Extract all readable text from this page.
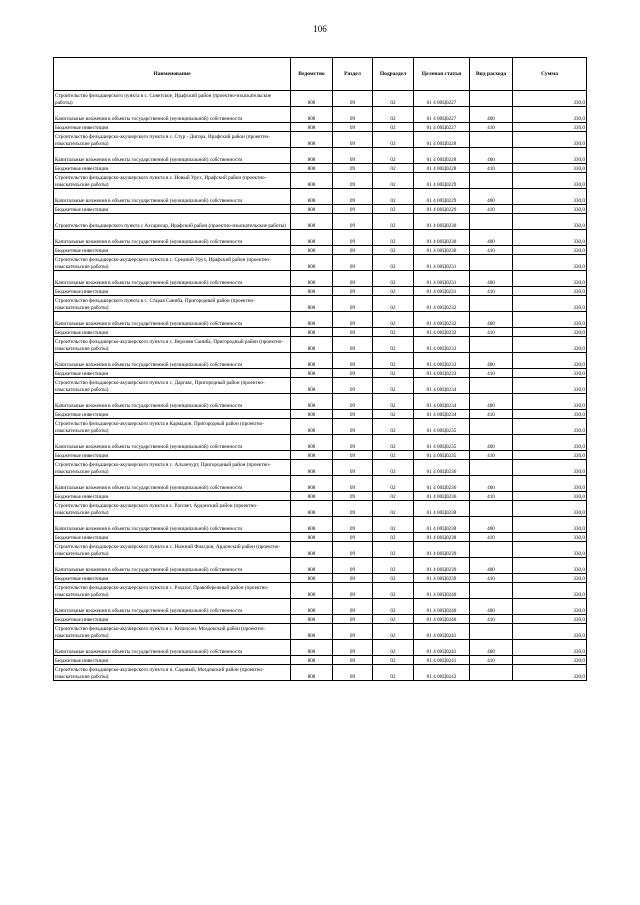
106
Наименование	Ведомство	Раздел	Подраздел	Целевая статья	Вид расхода	Сумма
Строительство фельдшерского пункта в с. Советское, Ирафский район (проектно-изыскательские работы)	808	09	02	01 4 00Ц0227		330,0
Капитальные вложения в объекты государственной (муниципальной) собственности	808	09	02	01 4 00Ц0227	400	330,0
Бюджетные инвестиции	808	09	02	01 4 00Ц0227	410	330,0
Строительство фельдшерско-акушерского пункта в с. Стур - Дигора, Ирафский район (проектно-изыскательские работы)	808	09	02	01 4 00Ц0228		330,0
Капитальные вложения в объекты государственной (муниципальной) собственности	808	09	02	01 4 00Ц0228	400	330,0
Бюджетные инвестиции	808	09	02	01 4 00Ц0228	410	330,0
Строительство фельдшерско-акушерского пункта в с. Новый Урух, Ирафский район (проектно-изыскательские работы)	808	09	02	01 4 00Ц0229		330,0
Капитальные вложения в объекты государственной (муниципальной) собственности	808	09	02	01 4 00Ц0229	400	330,0
Бюджетные инвестиции	808	09	02	01 4 00Ц0229	410	330,0
Строительство фельдшерского пункта с Ахсарисар, Ирафский район (проектно-изыскательские работы)	808	09	02	01 4 00Ц0230		330,0
Капитальные вложения в объекты государственной (муниципальной) собственности	808	09	02	01 4 00Ц0230	400	330,0
Бюджетные инвестиции	808	09	02	01 4 00Ц0230	410	330,0
Строительство фельдшерско-акушерского пункта в с. Средний Урух, Ирафский район (проектно-изыскательские работы)	808	09	02	01 4 00Ц0231		330,0
Капитальные вложения в объекты государственной (муниципальной) собственности	808	09	02	01 4 00Ц0231	400	330,0
Бюджетные инвестиции	808	09	02	01 4 00Ц0231	410	330,0
Строительство фельдшерского пункта в с. Старая Саниба, Пригородный район (проектно-изыскательские работы)	808	09	02	01 4 00Ц0232		330,0
Капитальные вложения в объекты государственной (муниципальной) собственности	808	09	02	01 4 00Ц0232	400	330,0
Бюджетные инвестиции	808	09	02	01 4 00Ц0232	410	330,0
Строительство фельдшерско-акушерского пункта в с. Верхняя Саниба, Пригородный район (проектно-изыскательские работы)	808	09	02	01 4 00Ц0233		330,0
Капитальные вложения в объекты государственной (муниципальной) собственности	808	09	02	01 4 00Ц0233	400	330,0
Бюджетные инвестиции	808	09	02	01 4 00Ц0233	410	330,0
Строительство фельдшерско-акушерского пункта в с. Даргавс, Пригородный район (проектно-изыскательские работы)	808	09	02	01 4 00Ц0234		330,0
Капитальные вложения в объекты государственной (муниципальной) собственности	808	09	02	01 4 00Ц0234	400	330,0
Бюджетные инвестиции	808	09	02	01 4 00Ц0234	410	330,0
Строительство фельдшерско-акушерского пункта в Кармадон, Пригородный район (проектно-изыскательские работы)	808	09	02	01 4 00Ц0235		330,0
Капитальные вложения в объекты государственной (муниципальной) собственности	808	09	02	01 4 00Ц0235	400	330,0
Бюджетные инвестиции	808	09	02	01 4 00Ц0235	410	330,0
Строительство фельдшерско-акушерского пункта в с. Алханчурт, Пригородный район (проектно-изыскательские работы)	808	09	02	01 4 00Ц0236		330,0
Капитальные вложения в объекты государственной (муниципальной) собственности	808	09	02	01 4 00Ц0236	400	330,0
Бюджетные инвестиции	808	09	02	01 4 00Ц0236	410	330,0
Строительство фельдшерско-акушерского пункта в с. Рассвет, Ардонский район (проектно-изыскательские работы)	808	09	02	01 4 00Ц0238		330,0
Капитальные вложения в объекты государственной (муниципальной) собственности	808	09	02	01 4 00Ц0238	400	330,0
Бюджетные инвестиции	808	09	02	01 4 00Ц0238	410	330,0
Строительство фельдшерско-акушерского пункта в с. Нижний Фиагдон, Ардонский район (проектно-изыскательские работы)	808	09	02	01 4 00Ц0239		330,0
Капитальные вложения в объекты государственной (муниципальной) собственности	808	09	02	01 4 00Ц0239	400	330,0
Бюджетные инвестиции	808	09	02	01 4 00Ц0239	410	330,0
Строительство фельдшерско-акушерского пункта в с. Раздзог, Правобережный район (проектно-изыскательские работы)	808	09	02	01 4 00Ц0240		330,0
Капитальные вложения в объекты государственной (муниципальной) собственности	808	09	02	01 4 00Ц0240	400	330,0
Бюджетные инвестиции	808	09	02	01 4 00Ц0240	410	330,0
Строительство фельдшерско-акушерского пункта в с. Кизилсон, Моздокский район (проектно-изыскательские работы)	808	09	02	01 4 00Ц0241		330,0
Капитальные вложения в объекты государственной (муниципальной) собственности	808	09	02	01 4 00Ц0241	400	330,0
Бюджетные инвестиции	808	09	02	01 4 00Ц0241	410	330,0
Строительство фельдшерско-акушерского пункта в п. Садовый, Моздокский район (проектно-изыскательские работы)	808	09	02	01 4 00Ц0242		330,0
